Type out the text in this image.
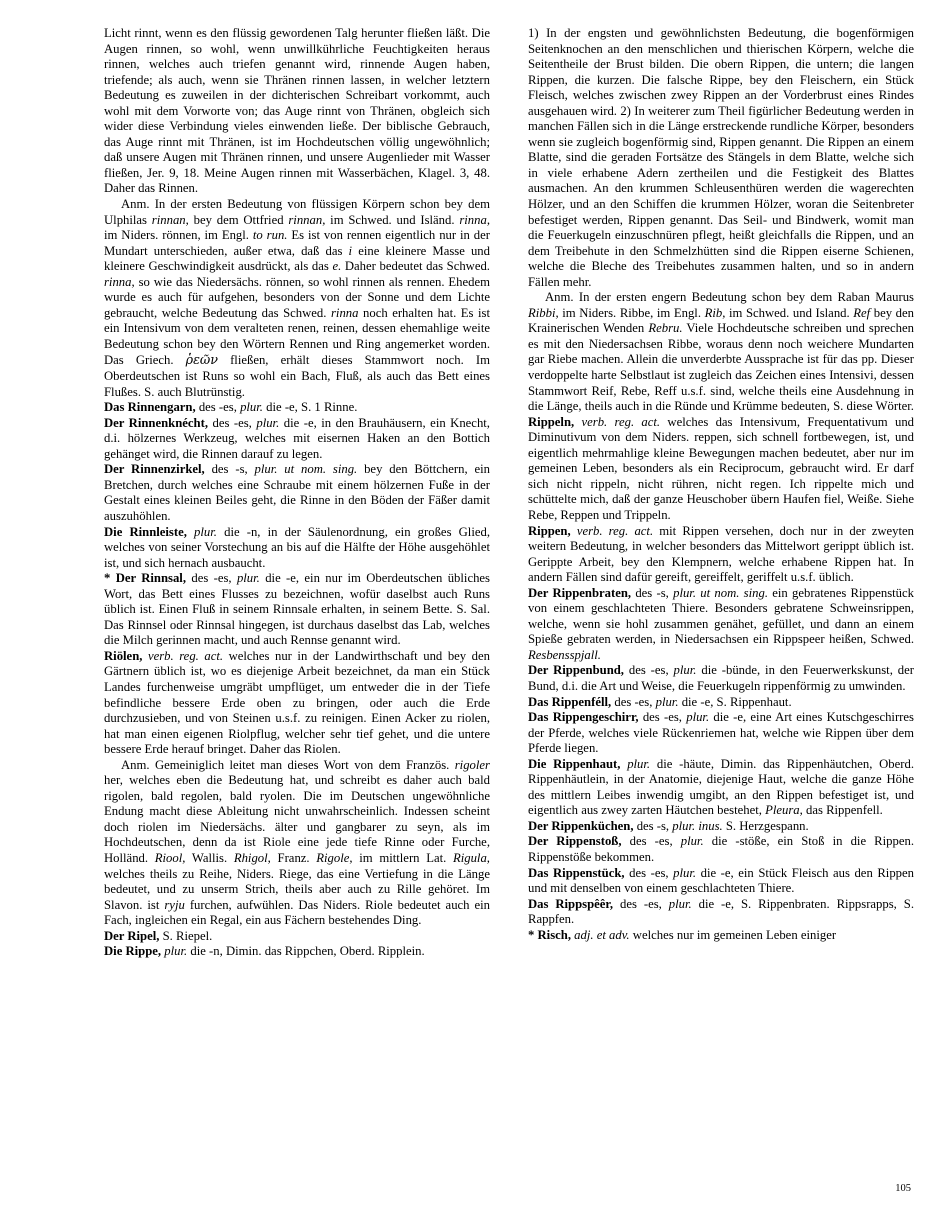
Licht rinnt, wenn es den flüssig gewordenen Talg herunter fließen läßt. Die Augen rinnen, so wohl, wenn unwillkührliche Feuchtigkeiten heraus rinnen, welches auch triefen genannt wird, rinnende Augen haben, triefende; als auch, wenn sie Thränen rinnen lassen, in welcher letztern Bedeutung es zuweilen in der dichterischen Schreibart vorkommt, auch wohl mit dem Vorworte von; das Auge rinnt von Thränen, obgleich sich wider diese Verbindung vieles einwenden ließe. Der biblische Gebrauch, das Auge rinnt mit Thränen, ist im Hochdeutschen völlig ungewöhnlich; daß unsere Augen mit Thränen rinnen, und unsere Augenlieder mit Wasser fließen, Jer. 9, 18. Meine Augen rinnen mit Wasserbächen, Klagel. 3, 48. Daher das Rinnen.

Anm. In der ersten Bedeutung von flüssigen Körpern schon bey dem Ulphilas rinnan, bey dem Ottfried rinnan, im Schwed. und Isländ. rinna, im Niders. rönnen, im Engl. to run. Es ist von rennen eigentlich nur in der Mundart unterschieden, außer etwa, daß das i eine kleinere Masse und kleinere Geschwindigkeit ausdrückt, als das e. Daher bedeutet das Schwed. rinna, so wie das Niedersächs. rönnen, so wohl rinnen als rennen. Ehedem wurde es auch für aufgehen, besonders von der Sonne und dem Lichte gebraucht, welche Bedeutung das Schwed. rinna noch erhalten hat. Es ist ein Intensivum von dem veralteten renen, reinen, dessen ehemahlige weite Bedeutung schon bey den Wörtern Rennen und Ring angemerket worden. Das Griech. ῥεῶν fließen, erhält dieses Stammwort noch. Im Oberdeutschen ist Runs so wohl ein Bach, Fluß, als auch das Bett eines Flußes. S. auch Blutrünstig.

Das Rinnengarn, des -es, plur. die -e, S. 1 Rinne.

Der Rinnenknécht, des -es, plur. die -e, in den Brauhäusern, ein Knecht, d.i. hölzernes Werkzeug, welches mit eisernen Haken an den Bottich gehänget wird, die Rinnen darauf zu legen.

Der Rinnenzirkel, des -s, plur. ut nom. sing. bey den Böttchern, ein Bretchen, durch welches eine Schraube mit einem hölzernen Fuße in der Gestalt eines kleinen Beiles geht, die Rinne in den Böden der Fäßer damit auszuhöhlen.

Die Rinnleiste, plur. die -n, in der Säulenordnung, ein großes Glied, welches von seiner Vorstechung an bis auf die Hälfte der Höhe ausgehöhlet ist, und sich hernach ausbaucht.

* Der Rinnsal, des -es, plur. die -e, ein nur im Oberdeutschen übliches Wort, das Bett eines Flusses zu bezeichnen, wofür daselbst auch Runs üblich ist. Einen Fluß in seinem Rinnsale erhalten, in seinem Bette. S. Sal. Das Rinnsel oder Rinnsal hingegen, ist durchaus daselbst das Lab, welches die Milch gerinnen macht, und auch Rennse genannt wird.

Riölen, verb. reg. act. welches nur in der Landwirthschaft und bey den Gärtnern üblich ist, wo es diejenige Arbeit bezeichnet, da man ein Stück Landes furchenweise umgräbt umpflüget, um entweder die in der Tiefe befindliche bessere Erde oben zu bringen, oder auch die Erde durchzusieben, und von Steinen u.s.f. zu reinigen. Einen Acker zu riolen, hat man einen eigenen Riolpflug, welcher sehr tief gehet, und die untere bessere Erde herauf bringet. Daher das Riolen.

Anm. Gemeiniglich leitet man dieses Wort von dem Französ. rigoler her, welches eben die Bedeutung hat, und schreibt es daher auch bald rigolen, bald regolen, bald ryolen. Die im Deutschen ungewöhnliche Endung macht diese Ableitung nicht unwahrscheinlich. Indessen scheint doch riolen im Niedersächs. älter und gangbarer zu seyn, als im Hochdeutschen, denn da ist Riole eine jede tiefe Rinne oder Furche, Holländ. Riool, Wallis. Rhigol, Franz. Rigole, im mittlern Lat. Rigula, welches theils zu Reihe, Niders. Riege, das eine Vertiefung in die Länge bedeutet, und zu unserm Strich, theils aber auch zu Rille gehöret. Im Slavon. ist ryju furchen, aufwühlen. Das Niders. Riole bedeutet auch ein Fach, ingleichen ein Regal, ein aus Fächern bestehendes Ding.

Der Ripel, S. Riepel.

Die Rippe, plur. die -n, Dimin. das Rippchen, Oberd. Ripplein.

1) In der engsten und gewöhnlichsten Bedeutung, die bogenförmigen Seitenknochen an den menschlichen und thierischen Körpern, welche die Seitentheile der Brust bilden. Die obern Rippen, die untern; die langen Rippen, die kurzen. Die falsche Rippe, bey den Fleischern, ein Stück Fleisch, welches zwischen zwey Rippen an der Vorderbrust eines Rindes ausgehauen wird. 2) In weiterer zum Theil figürlicher Bedeutung werden in manchen Fällen sich in die Länge erstreckende rundliche Körper, besonders wenn sie zugleich bogenförmig sind, Rippen genannt. Die Rippen an einem Blatte, sind die geraden Fortsätze des Stängels in dem Blatte, welche sich in viele erhabene Adern zertheilen und die Festigkeit des Blattes ausmachen. An den krummen Schleusenthüren werden die wagerechten Hölzer, und an den Schiffen die krummen Hölzer, woran die Seitenbreter befestiget werden, Rippen genannt. Das Seil- und Bindwerk, womit man die Feuerkugeln einzuschnüren pflegt, heißt gleichfalls die Rippen, und an dem Treibehute in den Schmelzhütten sind die Rippen eiserne Schienen, welche die Bleche des Treibehutes zusammen halten, und so in andern Fällen mehr.

Anm. In der ersten engern Bedeutung schon bey dem Raban Maurus Ribbi, im Niders. Ribbe, im Engl. Rib, im Schwed. und Island. Ref bey den Krainerischen Wenden Rebru. Viele Hochdeutsche schreiben und sprechen es mit den Niedersachsen Ribbe, woraus denn noch weichere Mundarten gar Riebe machen. Allein die unverderbte Aussprache ist für das pp. Dieser verdoppelte harte Selbstlaut ist zugleich das Zeichen eines Intensivi, dessen Stammwort Reif, Rebe, Reff u.s.f. sind, welche theils eine Ausdehnung in die Länge, theils auch in die Ründe und Krümme bedeuten, S. diese Wörter.

Rippeln, verb. reg. act. welches das Intensivum, Frequentativum und Diminutivum von dem Niders. reppen, sich schnell fortbewegen, ist, und eigentlich mehrmahlige kleine Bewegungen machen bedeutet, aber nur im gemeinen Leben, besonders als ein Reciprocum, gebraucht wird. Er darf sich nicht rippeln, nicht rühren, nicht regen. Ich rippelte mich und schüttelte mich, daß der ganze Heuschober übern Haufen fiel, Weiße. Siehe Rebe, Reppen und Trippeln.

Rippen, verb. reg. act. mit Rippen versehen, doch nur in der zweyten weitern Bedeutung, in welcher besonders das Mittelwort gerippt üblich ist. Gerippte Arbeit, bey den Klempnern, welche erhabene Rippen hat. In andern Fällen sind dafür gereift, gereiffelt, geriffelt u.s.f. üblich.

Der Rippenbraten, des -s, plur. ut nom. sing. ein gebratenes Rippenstück von einem geschlachteten Thiere. Besonders gebratene Schweinsrippen, welche, wenn sie hohl zusammen genähet, gefüllet, und dann an einem Spieße gebraten werden, in Niedersachsen ein Rippspeer heißen, Schwed. Resbensspjall.

Der Rippenbund, des -es, plur. die -bünde, in den Feuerwerkskunst, der Bund, d.i. die Art und Weise, die Feuerkugeln rippenförmig zu umwinden.

Das Rippenféll, des -es, plur. die -e, S. Rippenhaut.

Das Rippengeschirr, des -es, plur. die -e, eine Art eines Kutschgeschirres der Pferde, welches viele Rückenriemen hat, welche wie Rippen über dem Pferde liegen.

Die Rippenhaut, plur. die -häute, Dimin. das Rippenhäutchen, Oberd. Rippenhäutlein, in der Anatomie, diejenige Haut, welche die ganze Höhe des mittlern Leibes inwendig umgibt, an den Rippen befestiget ist, und eigentlich aus zwey zarten Häutchen bestehet, Pleura, das Rippenfell.

Der Rippenküchen, des -s, plur. inus. S. Herzgespann.

Der Rippenstoß, des -es, plur. die -stöße, ein Stoß in die Rippen. Rippenstöße bekommen.

Das Rippenstück, des -es, plur. die -e, ein Stück Fleisch aus den Rippen und mit denselben von einem geschlachteten Thiere.

Das Rippspêêr, des -es, plur. die -e, S. Rippenbraten. Rippsrapps, S. Rappfen.

* Risch, adj. et adv. welches nur im gemeinen Leben einiger

105
